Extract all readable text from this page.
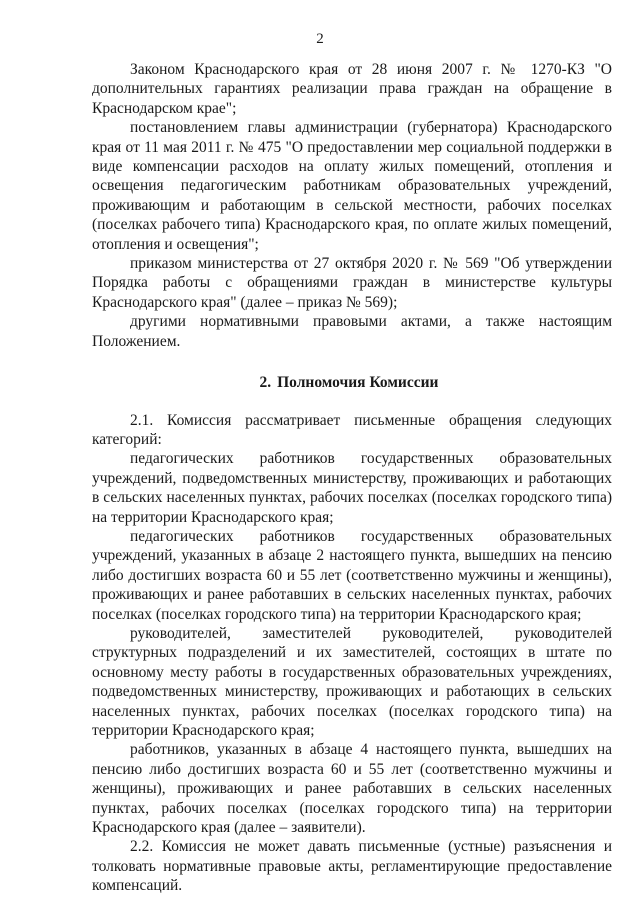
2

Законом Краснодарского края от 28 июня 2007 г. № 1270-КЗ "О дополнительных гарантиях реализации права граждан на обращение в Краснодарском крае";

постановлением главы администрации (губернатора) Краснодарского края от 11 мая 2011 г. № 475 "О предоставлении мер социальной поддержки в виде компенсации расходов на оплату жилых помещений, отопления и освещения педагогическим работникам образовательных учреждений, проживающим и работающим в сельской местности, рабочих поселках (поселках рабочего типа) Краснодарского края, по оплате жилых помещений, отопления и освещения";

приказом министерства от 27 октября 2020 г. № 569 "Об утверждении Порядка работы с обращениями граждан в министерстве культуры Краснодарского края" (далее – приказ № 569);

другими нормативными правовыми актами, а также настоящим Положением.

2. Полномочия Комиссии

2.1. Комиссия рассматривает письменные обращения следующих категорий:

педагогических работников государственных образовательных учреждений, подведомственных министерству, проживающих и работающих в сельских населенных пунктах, рабочих поселках (поселках городского типа) на территории Краснодарского края;

педагогических работников государственных образовательных учреждений, указанных в абзаце 2 настоящего пункта, вышедших на пенсию либо достигших возраста 60 и 55 лет (соответственно мужчины и женщины), проживающих и ранее работавших в сельских населенных пунктах, рабочих поселках (поселках городского типа) на территории Краснодарского края;

руководителей, заместителей руководителей, руководителей структурных подразделений и их заместителей, состоящих в штате по основному месту работы в государственных образовательных учреждениях, подведомственных министерству, проживающих и работающих в сельских населенных пунктах, рабочих поселках (поселках городского типа) на территории Краснодарского края;

работников, указанных в абзаце 4 настоящего пункта, вышедших на пенсию либо достигших возраста 60 и 55 лет (соответственно мужчины и женщины), проживающих и ранее работавших в сельских населенных пунктах, рабочих поселках (поселках городского типа) на территории Краснодарского края (далее – заявители).

2.2. Комиссия не может давать письменные (устные) разъяснения и толковать нормативные правовые акты, регламентирующие предоставление компенсаций.
